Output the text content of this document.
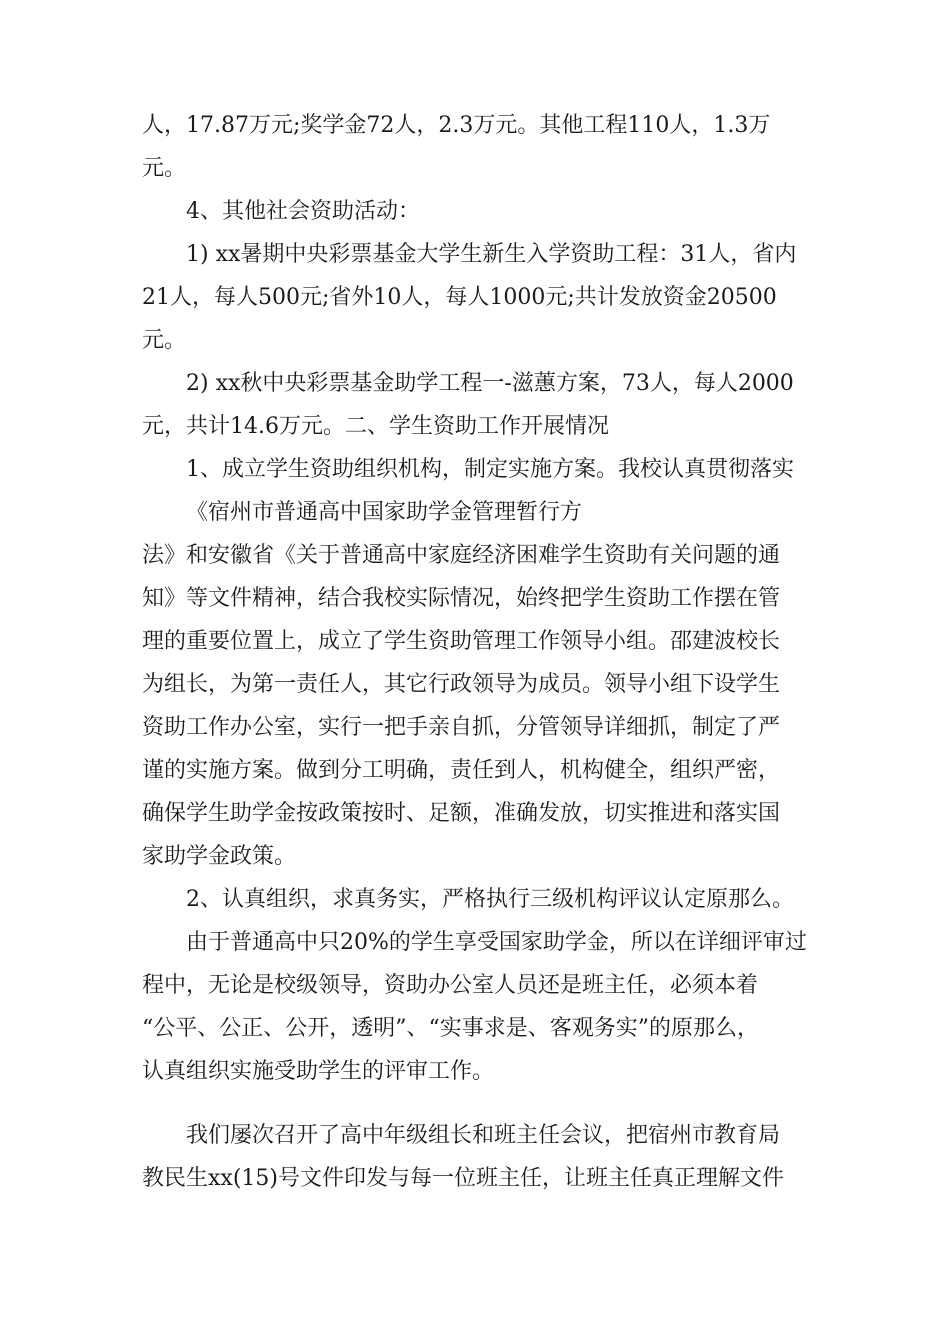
人，17.87万元;奖学金72人，2.3万元。其他工程110人，1.3万
元。
4、其他社会资助活动：
1) xx暑期中央彩票基金大学生新生入学资助工程：31人，省内
21人，每人500元;省外10人，每人1000元;共计发放资金20500
元。
2) xx秋中央彩票基金助学工程一-滋蕙方案，73人，每人2000
元，共计14.6万元。二、学生资助工作开展情况
1、成立学生资助组织机构，制定实施方案。我校认真贯彻落实
《宿州市普通高中国家助学金管理暂行方
法》和安徽省《关于普通高中家庭经济困难学生资助有关问题的通
知》等文件精神，结合我校实际情况，始终把学生资助工作摆在管
理的重要位置上，成立了学生资助管理工作领导小组。邵建波校长
为组长，为第一责任人，其它行政领导为成员。领导小组下设学生
资助工作办公室，实行一把手亲自抓，分管领导详细抓，制定了严
谨的实施方案。做到分工明确，责任到人，机构健全，组织严密，
确保学生助学金按政策按时、足额，准确发放，切实推进和落实国
家助学金政策。
2、认真组织，求真务实，严格执行三级机构评议认定原那么。
由于普通高中只20%的学生享受国家助学金，所以在详细评审过
程中，无论是校级领导，资助办公室人员还是班主任，必须本着
“公平、公正、公开，透明”、“实事求是、客观务实”的原那么，
认真组织实施受助学生的评审工作。
我们屡次召开了高中年级组长和班主任会议，把宿州市教育局
教民生xx(15)号文件印发与每一位班主任，让班主任真正理解文件
